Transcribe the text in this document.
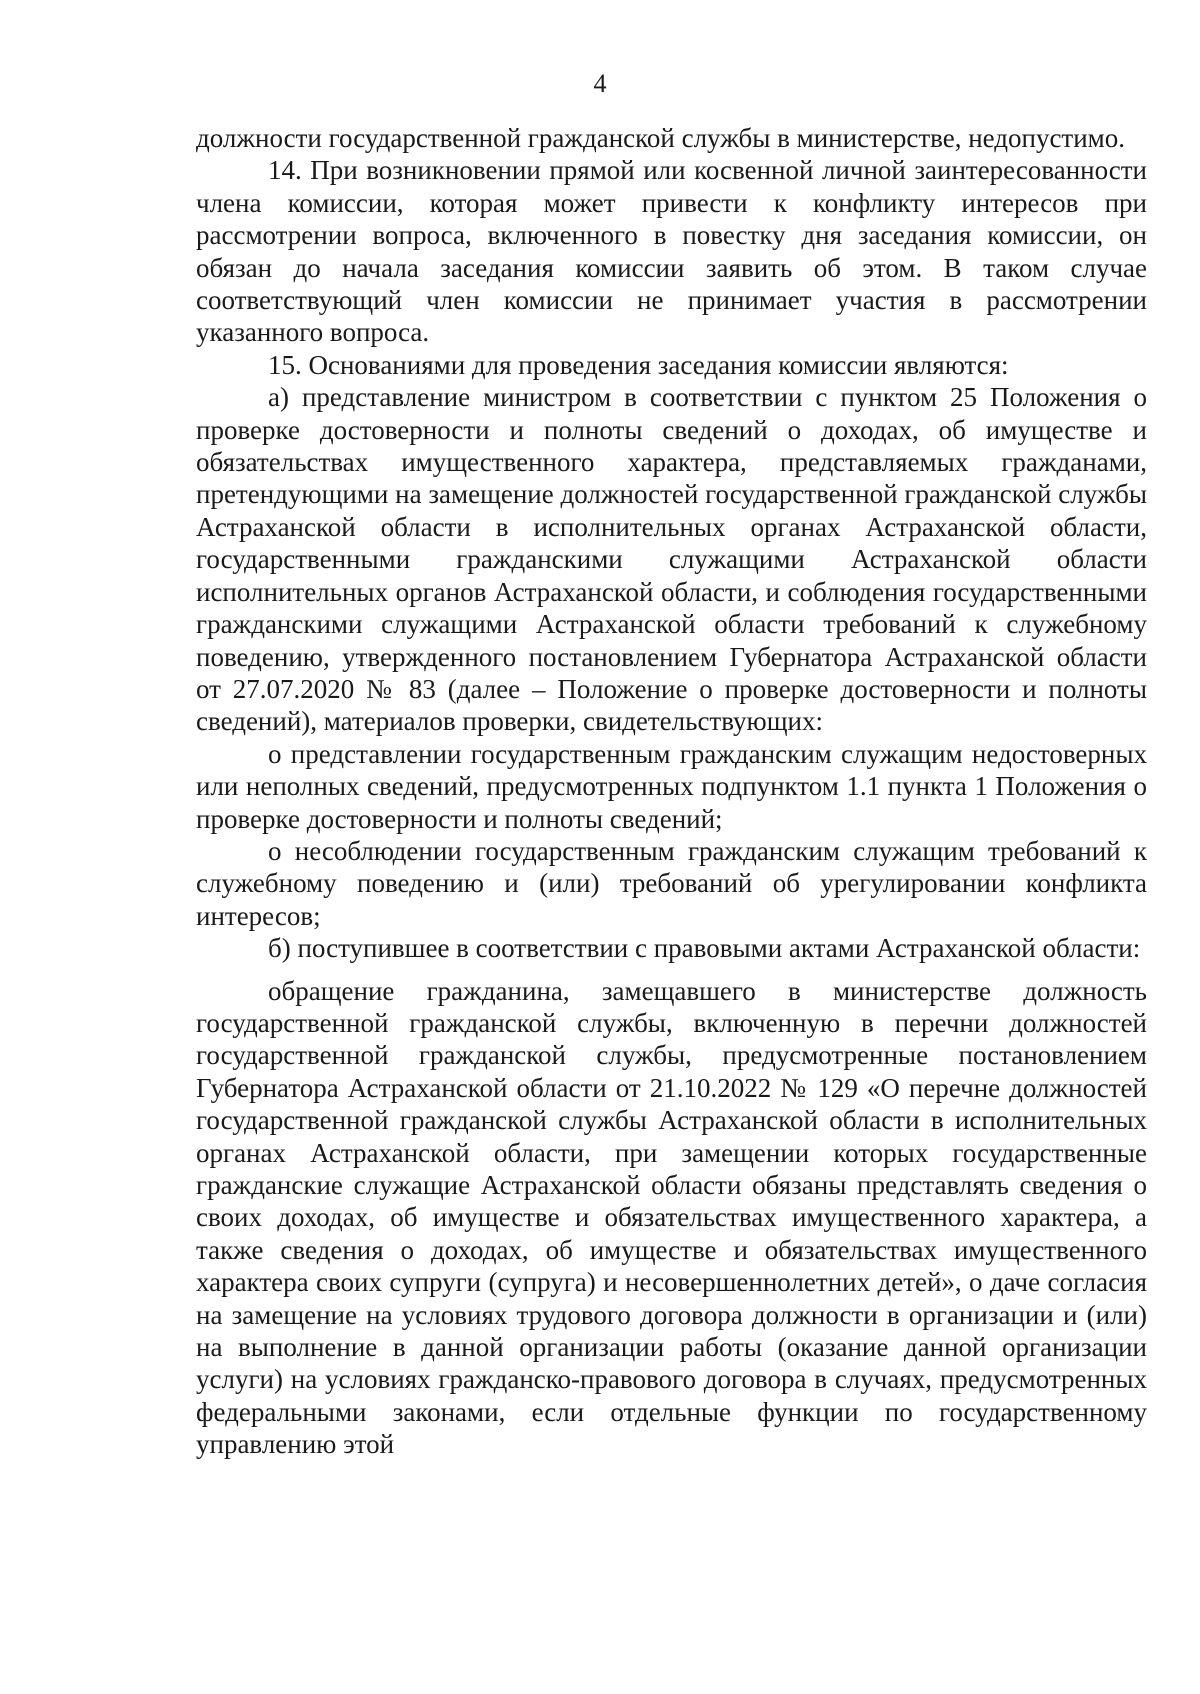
4

должности государственной гражданской службы в министерстве, недопустимо.

14. При возникновении прямой или косвенной личной заинтересованности члена комиссии, которая может привести к конфликту интересов при рассмотрении вопроса, включенного в повестку дня заседания комиссии, он обязан до начала заседания комиссии заявить об этом. В таком случае соответствующий член комиссии не принимает участия в рассмотрении указанного вопроса.

15. Основаниями для проведения заседания комиссии являются:

а) представление министром в соответствии с пунктом 25 Положения о проверке достоверности и полноты сведений о доходах, об имуществе и обязательствах имущественного характера, представляемых гражданами, претендующими на замещение должностей государственной гражданской службы Астраханской области в исполнительных органах Астраханской области, государственными гражданскими служащими Астраханской области исполнительных органов Астраханской области, и соблюдения государственными гражданскими служащими Астраханской области требований к служебному поведению, утвержденного постановлением Губернатора Астраханской области от 27.07.2020 № 83 (далее – Положение о проверке достоверности и полноты сведений), материалов проверки, свидетельствующих:

о представлении государственным гражданским служащим недостоверных или неполных сведений, предусмотренных подпунктом 1.1 пункта 1 Положения о проверке достоверности и полноты сведений;

о несоблюдении государственным гражданским служащим требований к служебному поведению и (или) требований об урегулировании конфликта интересов;

б) поступившее в соответствии с правовыми актами Астраханской области:

обращение гражданина, замещавшего в министерстве должность государственной гражданской службы, включенную в перечни должностей государственной гражданской службы, предусмотренные постановлением Губернатора Астраханской области от 21.10.2022 № 129 «О перечне должностей государственной гражданской службы Астраханской области в исполнительных органах Астраханской области, при замещении которых государственные гражданские служащие Астраханской области обязаны представлять сведения о своих доходах, об имуществе и обязательствах имущественного характера, а также сведения о доходах, об имуществе и обязательствах имущественного характера своих супруги (супруга) и несовершеннолетних детей», о даче согласия на замещение на условиях трудового договора должности в организации и (или) на выполнение в данной организации работы (оказание данной организации услуги) на условиях гражданско-правового договора в случаях, предусмотренных федеральными законами, если отдельные функции по государственному управлению этой
